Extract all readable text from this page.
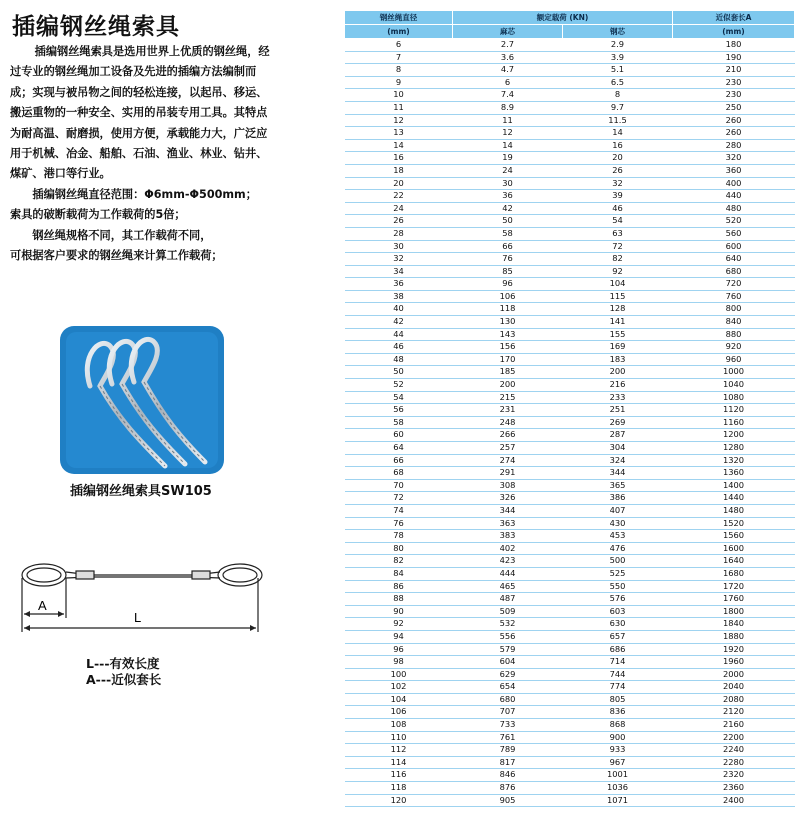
插编钢丝绳索具

插编钢丝绳索具是选用世界上优质的钢丝绳，经过专业的钢丝绳加工设备及先进的插编方法编制而成；实现与被吊物之间的轻松连接，以起吊、移运、搬运重物的一种安全、实用的吊装专用工具。其特点为耐高温、耐磨损，使用方便，承载能力大，广泛应用于机械、冶金、船舶、石油、渔业、林业、钻井、煤矿、港口等行业。

插编钢丝绳直径范围：Φ6mm-Φ500mm；

索具的破断载荷为工作载荷的5倍；

钢丝绳规格不同，其工作载荷不同，

可根据客户要求的钢丝绳来计算工作载荷；

插编钢丝绳索具SW105
A
L
L---有效长度
A---近似套长
钢丝绳直径	额定载荷 (KN)		近似套长A
(mm)	麻芯	钢芯	(mm)
6	2.7	2.9	180
7	3.6	3.9	190
8	4.7	5.1	210
9	6	6.5	230
10	7.4	8	230
11	8.9	9.7	250
12	11	11.5	260
13	12	14	260
14	14	16	280
16	19	20	320
18	24	26	360
20	30	32	400
22	36	39	440
24	42	46	480
26	50	54	520
28	58	63	560
30	66	72	600
32	76	82	640
34	85	92	680
36	96	104	720
38	106	115	760
40	118	128	800
42	130	141	840
44	143	155	880
46	156	169	920
48	170	183	960
50	185	200	1000
52	200	216	1040
54	215	233	1080
56	231	251	1120
58	248	269	1160
60	266	287	1200
64	257	304	1280
66	274	324	1320
68	291	344	1360
70	308	365	1400
72	326	386	1440
74	344	407	1480
76	363	430	1520
78	383	453	1560
80	402	476	1600
82	423	500	1640
84	444	525	1680
86	465	550	1720
88	487	576	1760
90	509	603	1800
92	532	630	1840
94	556	657	1880
96	579	686	1920
98	604	714	1960
100	629	744	2000
102	654	774	2040
104	680	805	2080
106	707	836	2120
108	733	868	2160
110	761	900	2200
112	789	933	2240
114	817	967	2280
116	846	1001	2320
118	876	1036	2360
120	905	1071	2400
